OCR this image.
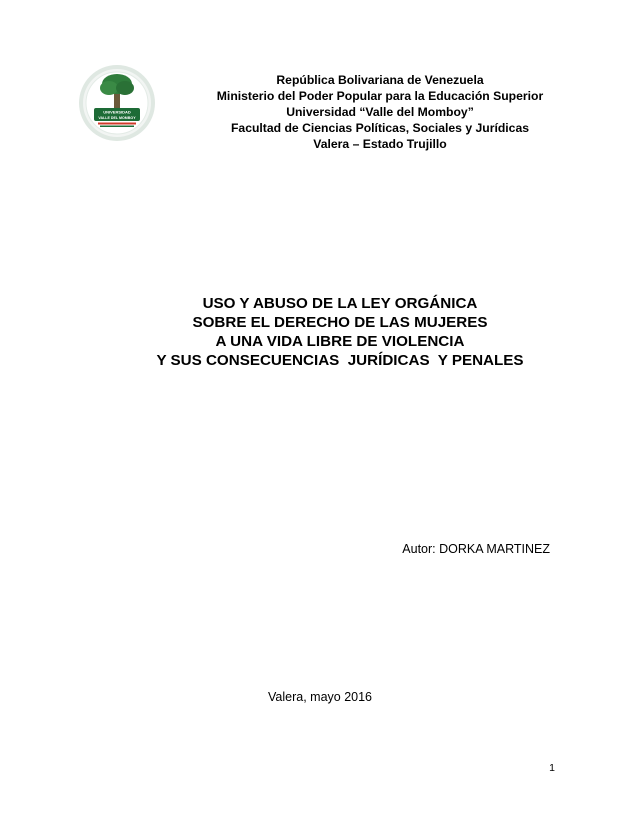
UNIVERSIDAD
VALLE DEL MOMBOY
República Bolivariana de Venezuela
Ministerio del Poder Popular para la Educación Superior
Universidad “Valle del Momboy”
Facultad de Ciencias Políticas, Sociales y Jurídicas
Valera – Estado Trujillo
USO Y ABUSO DE LA LEY ORGÁNICA
SOBRE EL DERECHO DE LAS MUJERES
A UNA VIDA LIBRE DE VIOLENCIA
Y SUS CONSECUENCIAS  JURÍDICAS  Y PENALES
Autor: DORKA MARTINEZ
Valera, mayo 2016
1
